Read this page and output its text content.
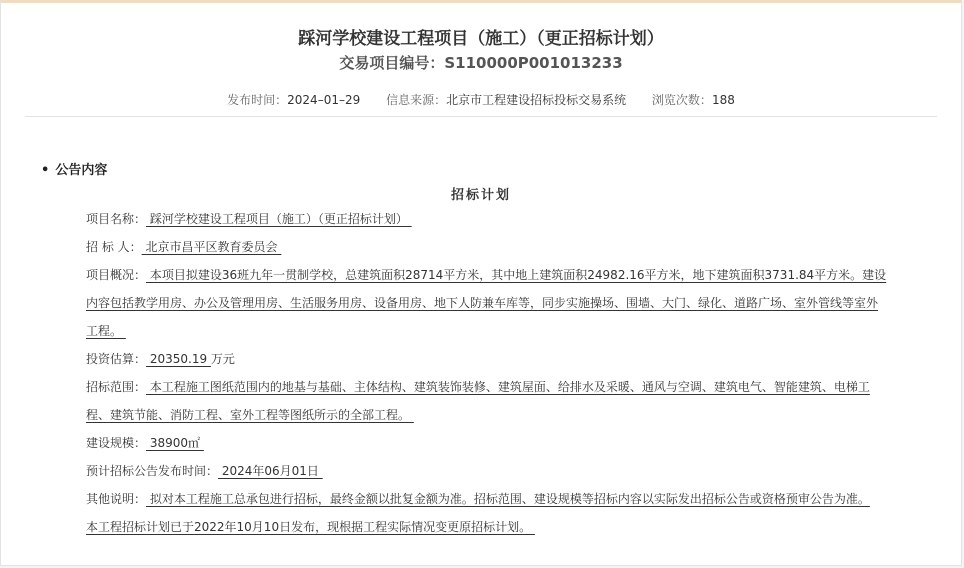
踩河学校建设工程项目（施工）（更正招标计划）
交易项目编号：S110000P001013233
发布时间：2024–01–29 信息来源：北京市工程建设招标投标交易系统 浏览次数：188
• 公告内容
招标计划
项目名称： 踩河学校建设工程项目（施工）（更正招标计划）
招 标 人： 北京市昌平区教育委员会
项目概况： 本项目拟建设36班九年一贯制学校，总建筑面积28714平方米，其中地上建筑面积24982.16平方米，地下建筑面积3731.84平方米。建设
内容包括教学用房、办公及管理用房、生活服务用房、设备用房、地下人防兼车库等，同步实施操场、围墙、大门、绿化、道路广场、室外管线等室外
工程。
投资估算： 20350.19 万元
招标范围： 本工程施工图纸范围内的地基与基础、主体结构、建筑装饰装修、建筑屋面、给排水及采暖、通风与空调、建筑电气、智能建筑、电梯工
程、建筑节能、消防工程、室外工程等图纸所示的全部工程。
建设规模： 38900㎡
预计招标公告发布时间： 2024年06月01日
其他说明： 拟对本工程施工总承包进行招标，最终金额以批复金额为准。招标范围、建设规模等招标内容以实际发出招标公告或资格预审公告为准。
本工程招标计划已于2022年10月10日发布，现根据工程实际情况变更原招标计划。
